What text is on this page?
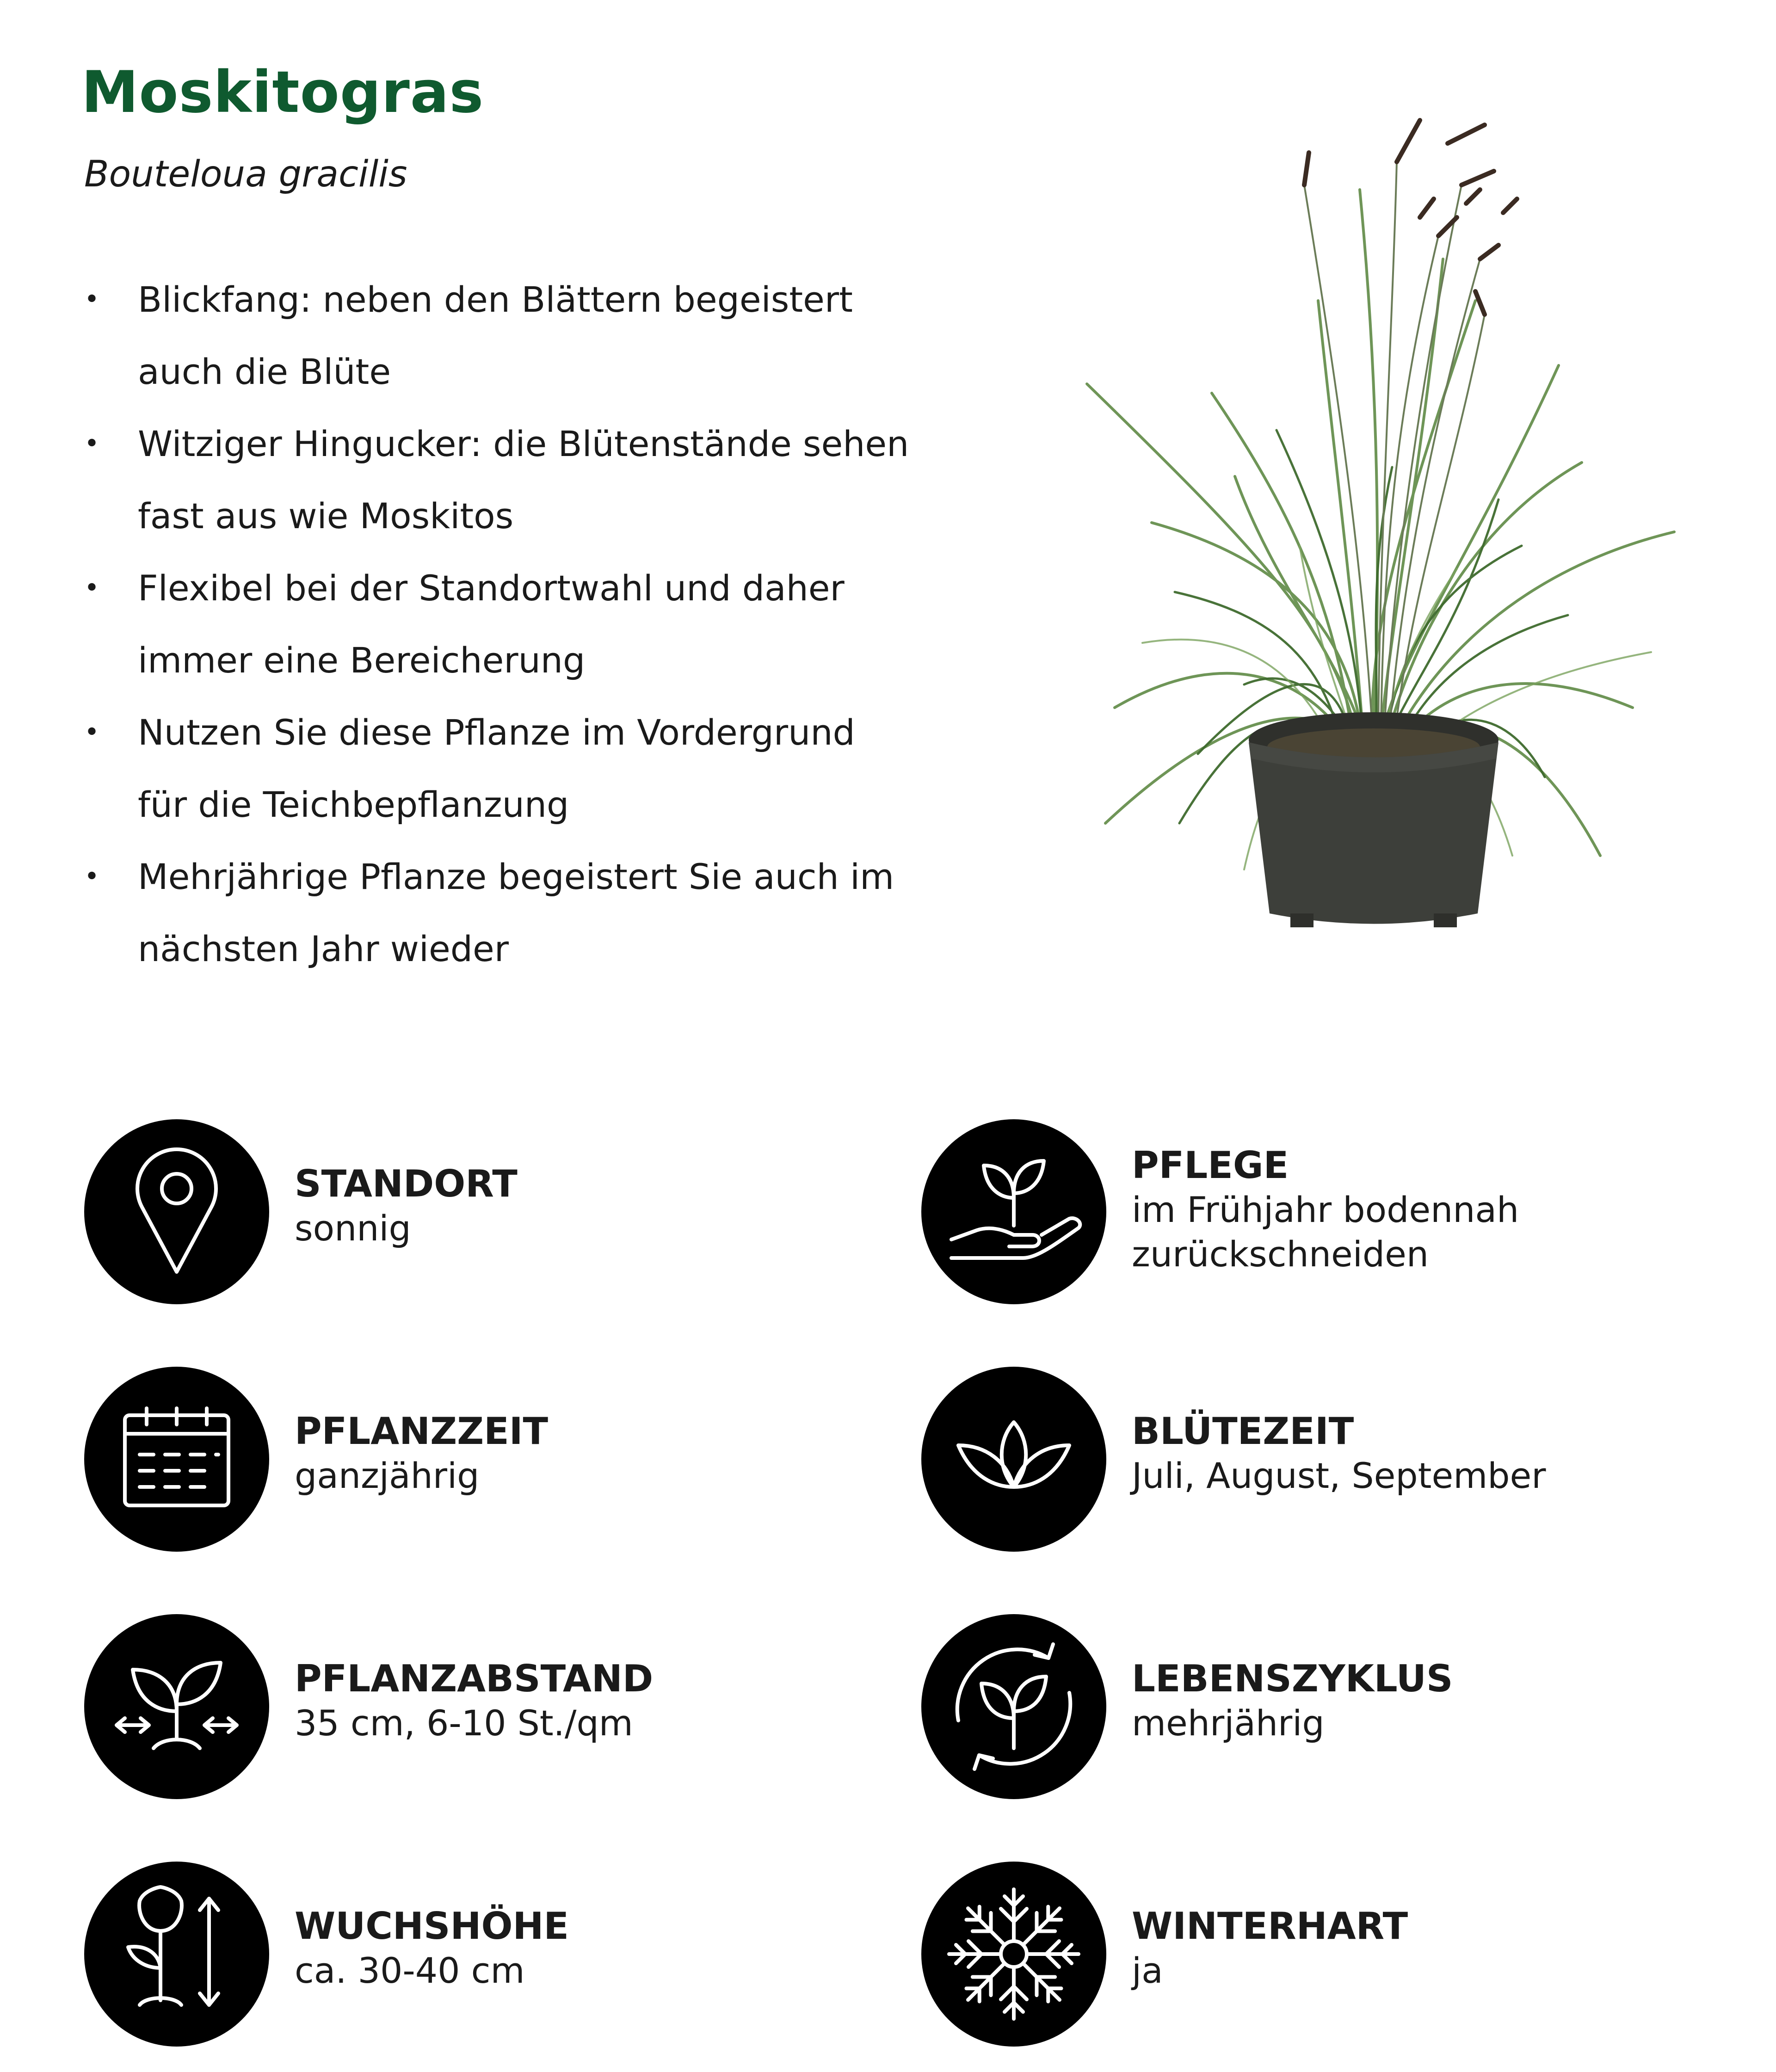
Moskitogras

Bouteloua gracilis

• Blickfang: neben den Blättern begeistert
auch die Blüte
• Witziger Hingucker: die Blütenstände sehen
fast aus wie Moskitos
• Flexibel bei der Standortwahl und daher
immer eine Bereicherung
• Nutzen Sie diese Pflanze im Vordergrund
für die Teichbepflanzung
• Mehrjährige Pflanze begeistert Sie auch im
nächsten Jahr wieder
STANDORT
sonnig
PFLEGE
im Frühjahr bodennah
zurückschneiden
PFLANZZEIT
ganzjährig
BLÜTEZEIT
Juli, August, September
PFLANZABSTAND
35 cm, 6-10 St./qm
LEBENSZYKLUS
mehrjährig
WUCHSHÖHE
ca. 30-40 cm
WINTERHART
ja
